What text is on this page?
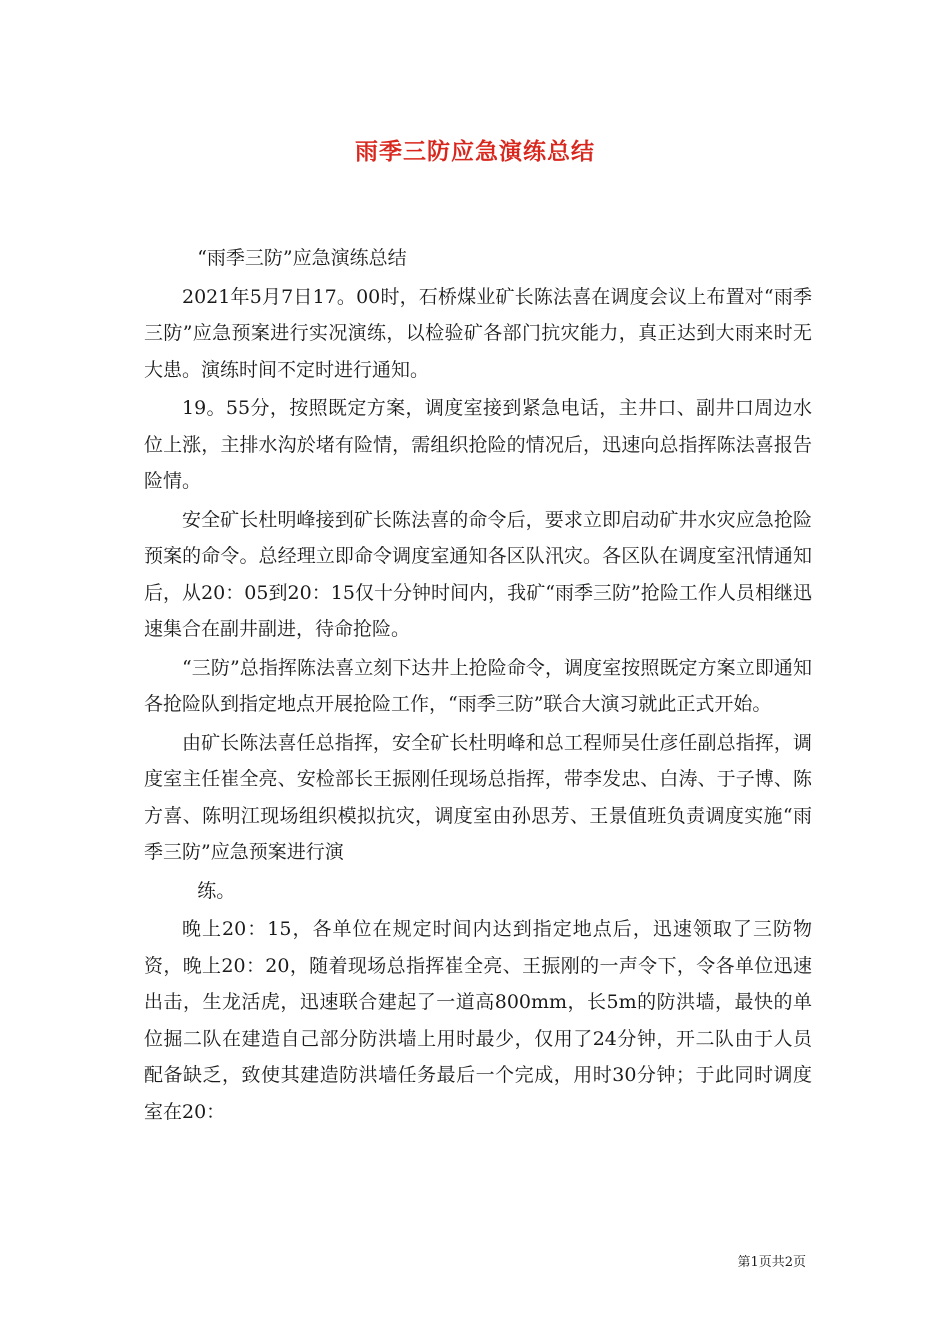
雨季三防应急演练总结

“雨季三防”应急演练总结

2021年5月7日17。00时，石桥煤业矿长陈法喜在调度会议上布置对“雨季三防”应急预案进行实况演练，以检验矿各部门抗灾能力，真正达到大雨来时无大患。演练时间不定时进行通知。

19。55分，按照既定方案，调度室接到紧急电话，主井口、副井口周边水位上涨，主排水沟於堵有险情，需组织抢险的情况后，迅速向总指挥陈法喜报告险情。

安全矿长杜明峰接到矿长陈法喜的命令后，要求立即启动矿井水灾应急抢险预案的命令。总经理立即命令调度室通知各区队汛灾。各区队在调度室汛情通知后，从20：05到20：15仅十分钟时间内，我矿“雨季三防”抢险工作人员相继迅速集合在副井副进，待命抢险。

“三防”总指挥陈法喜立刻下达井上抢险命令，调度室按照既定方案立即通知各抢险队到指定地点开展抢险工作，“雨季三防”联合大演习就此正式开始。

由矿长陈法喜任总指挥，安全矿长杜明峰和总工程师吴仕彦任副总指挥，调度室主任崔全亮、安检部长王振刚任现场总指挥，带李发忠、白涛、于子博、陈方喜、陈明江现场组织模拟抗灾，调度室由孙思芳、王景值班负责调度实施“雨季三防”应急预案进行演

练。

晚上20：15，各单位在规定时间内达到指定地点后，迅速领取了三防物资，晚上20：20，随着现场总指挥崔全亮、王振刚的一声令下，令各单位迅速出击，生龙活虎，迅速联合建起了一道高800mm，长5m的防洪墙，最快的单位掘二队在建造自己部分防洪墙上用时最少，仅用了24分钟，开二队由于人员配备缺乏，致使其建造防洪墙任务最后一个完成，用时30分钟；于此同时调度室在20：

第1页共2页
